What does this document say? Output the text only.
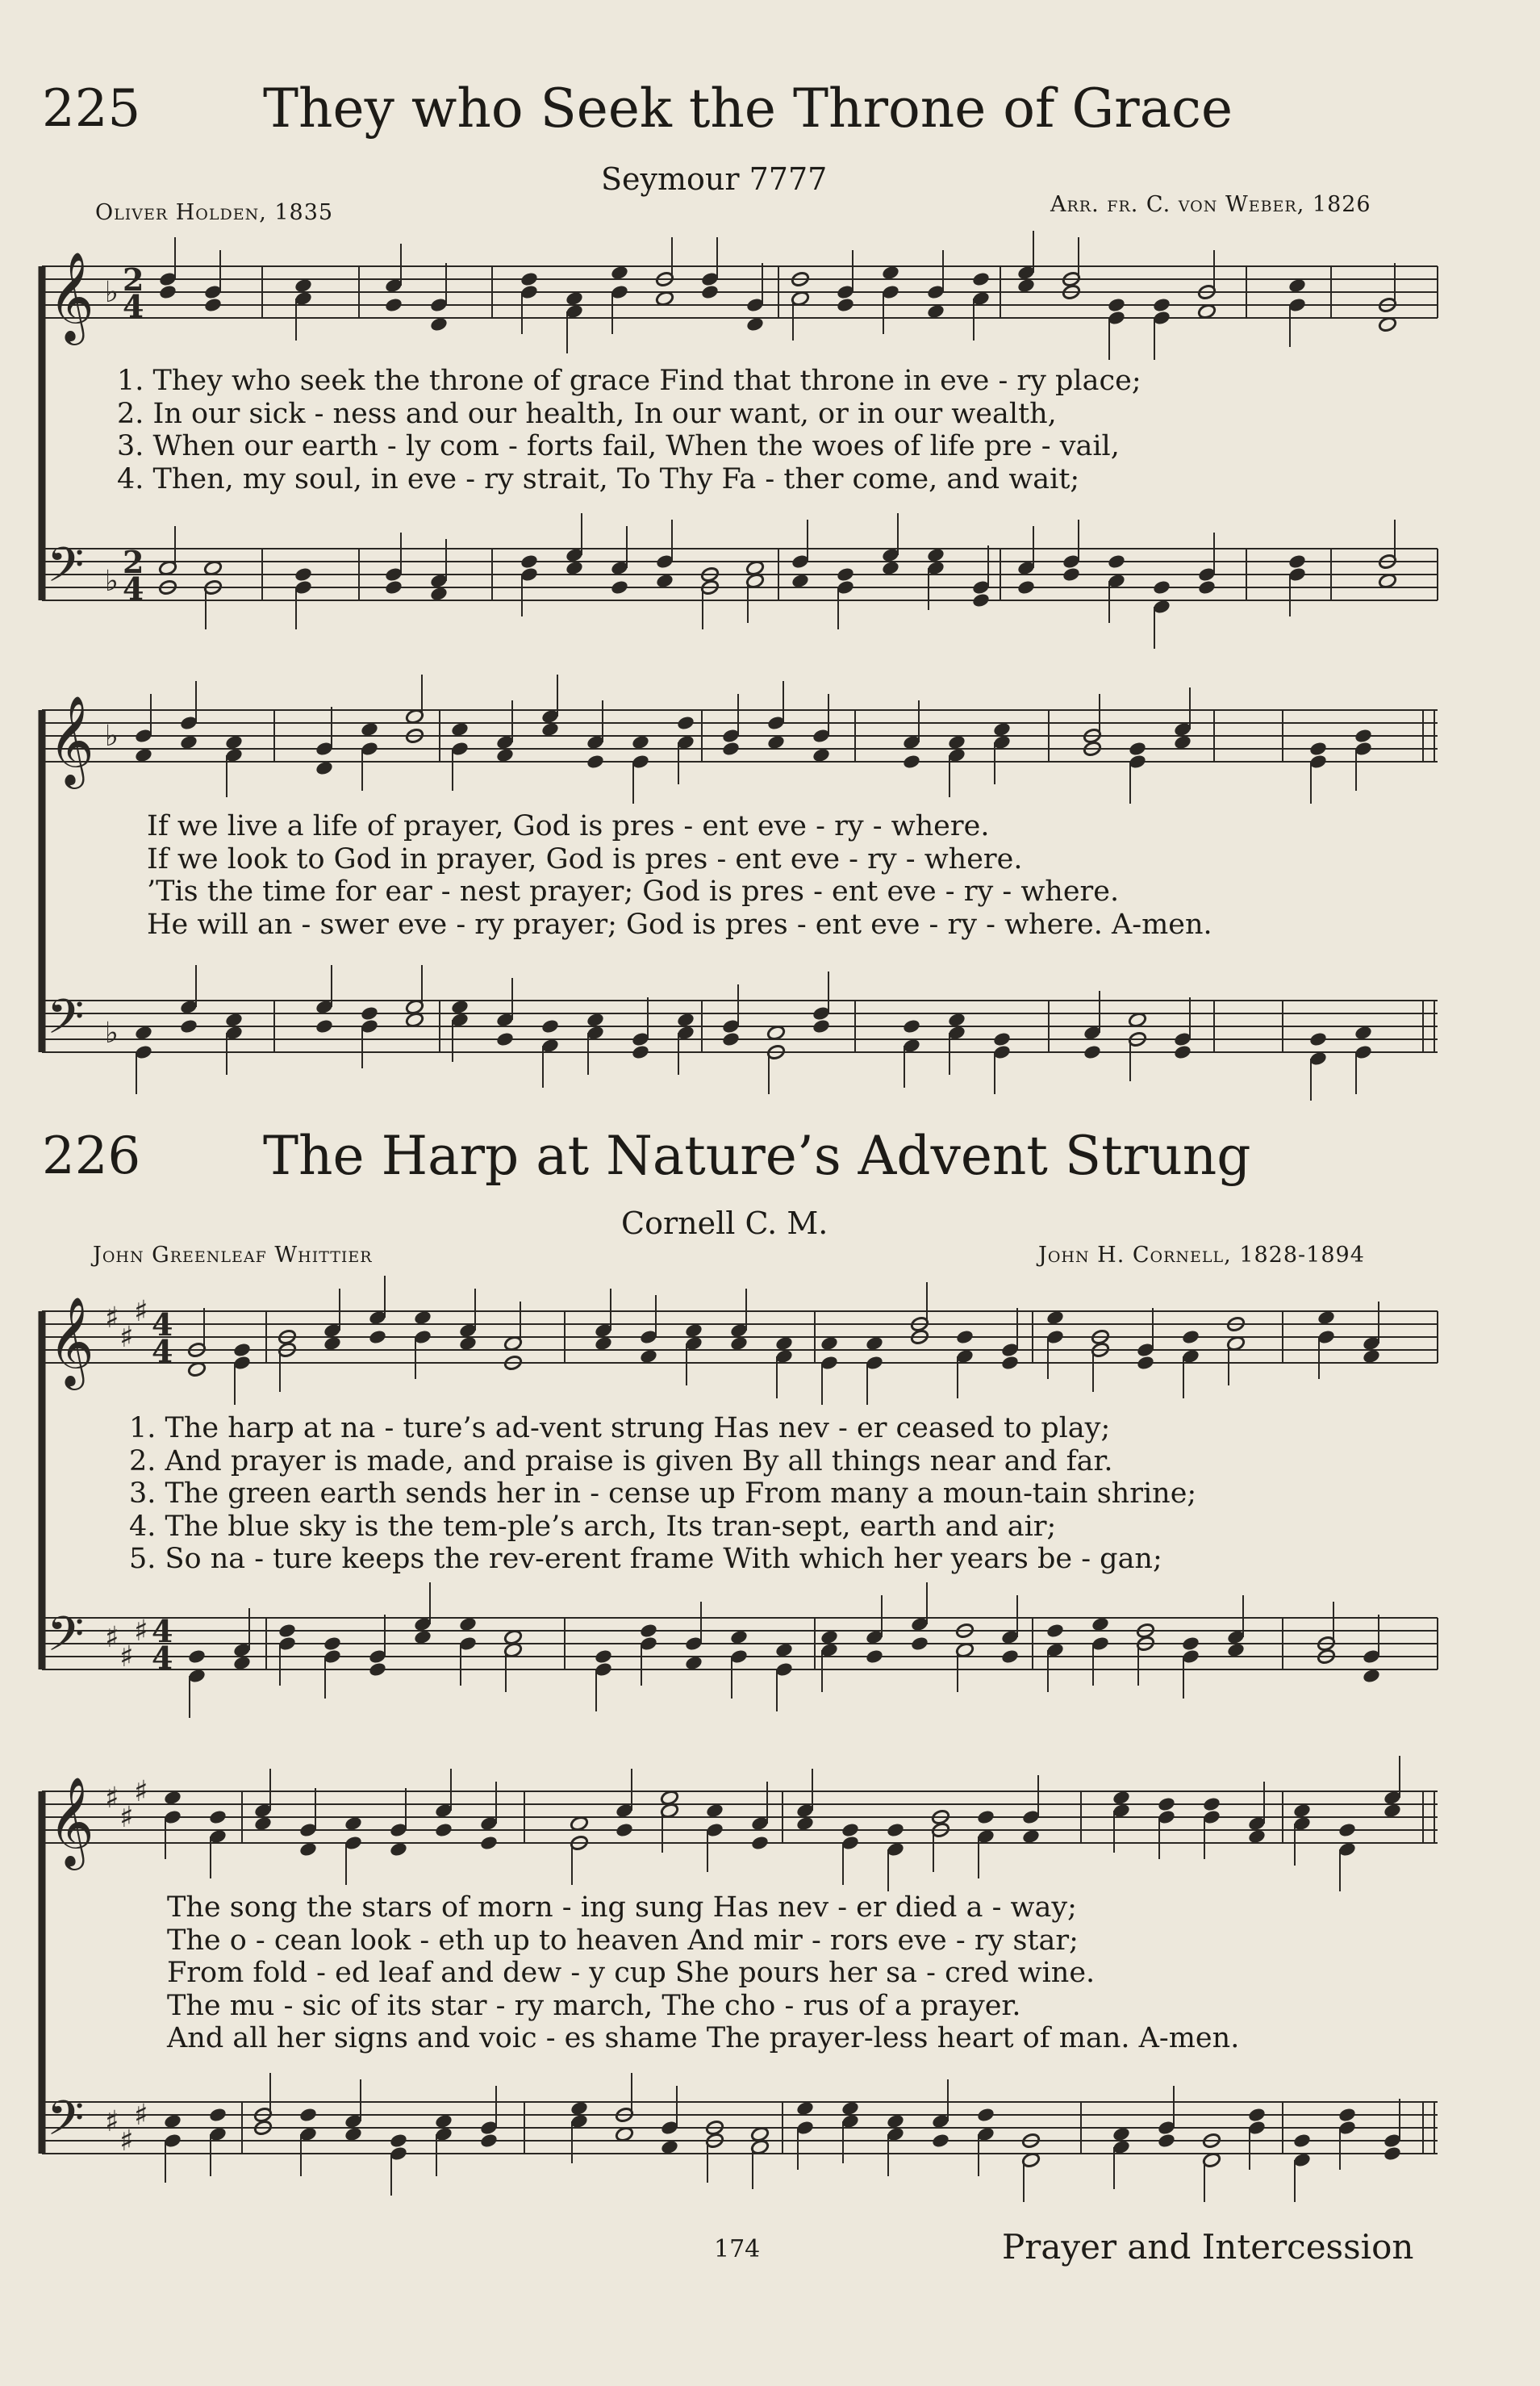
𝄞 ♭ 2
4
𝄢 ♭
2
4
𝄞 ♭
𝄢 ♭
𝄞 ♯
♯
♯ 4
4
𝄢 ♯
♯
♯ 4
4
𝄞 ♯
♯
♯
𝄢 ♯
♯
♯
225 They who Seek the Throne of Grace
Seymour 7777
Oliver Holden, 1835	Arr. fr. C. von Weber, 1826
1. They who seek the throne of grace Find that throne in eve - ry place;
2. In our sick - ness and our health, In our want, or in our wealth,
3. When our earth - ly com - forts fail, When the woes of life pre - vail,
4. Then, my soul, in eve - ry strait, To Thy Fa - ther come, and wait;
If we live a life of prayer, God is pres - ent eve - ry - where.
If we look to God in prayer, God is pres - ent eve - ry - where.
’Tis the time for ear - nest prayer; God is pres - ent eve - ry - where.
He will an - swer eve - ry prayer; God is pres - ent eve - ry - where. A-men.
226 The Harp at Nature’s Advent Strung
Cornell C. M.
John Greenleaf Whittier	John H. Cornell, 1828-1894
1. The harp at na - ture’s ad-vent strung Has nev - er ceased to play;
2. And prayer is made, and praise is given By all things near and far.
3. The green earth sends her in - cense up From many a moun-tain shrine;
4. The blue sky is the tem-ple’s arch, Its tran-sept, earth and air;
5. So na - ture keeps the rev-erent frame With which her years be - gan;
The song the stars of morn - ing sung Has nev - er died a - way;
The o - cean look - eth up to heaven And mir - rors eve - ry star;
From fold - ed leaf and dew - y cup She pours her sa - cred wine.
The mu - sic of its star - ry march, The cho - rus of a prayer.
And all her signs and voic - es shame The prayer-less heart of man. A-men.
174	Prayer and Intercession
